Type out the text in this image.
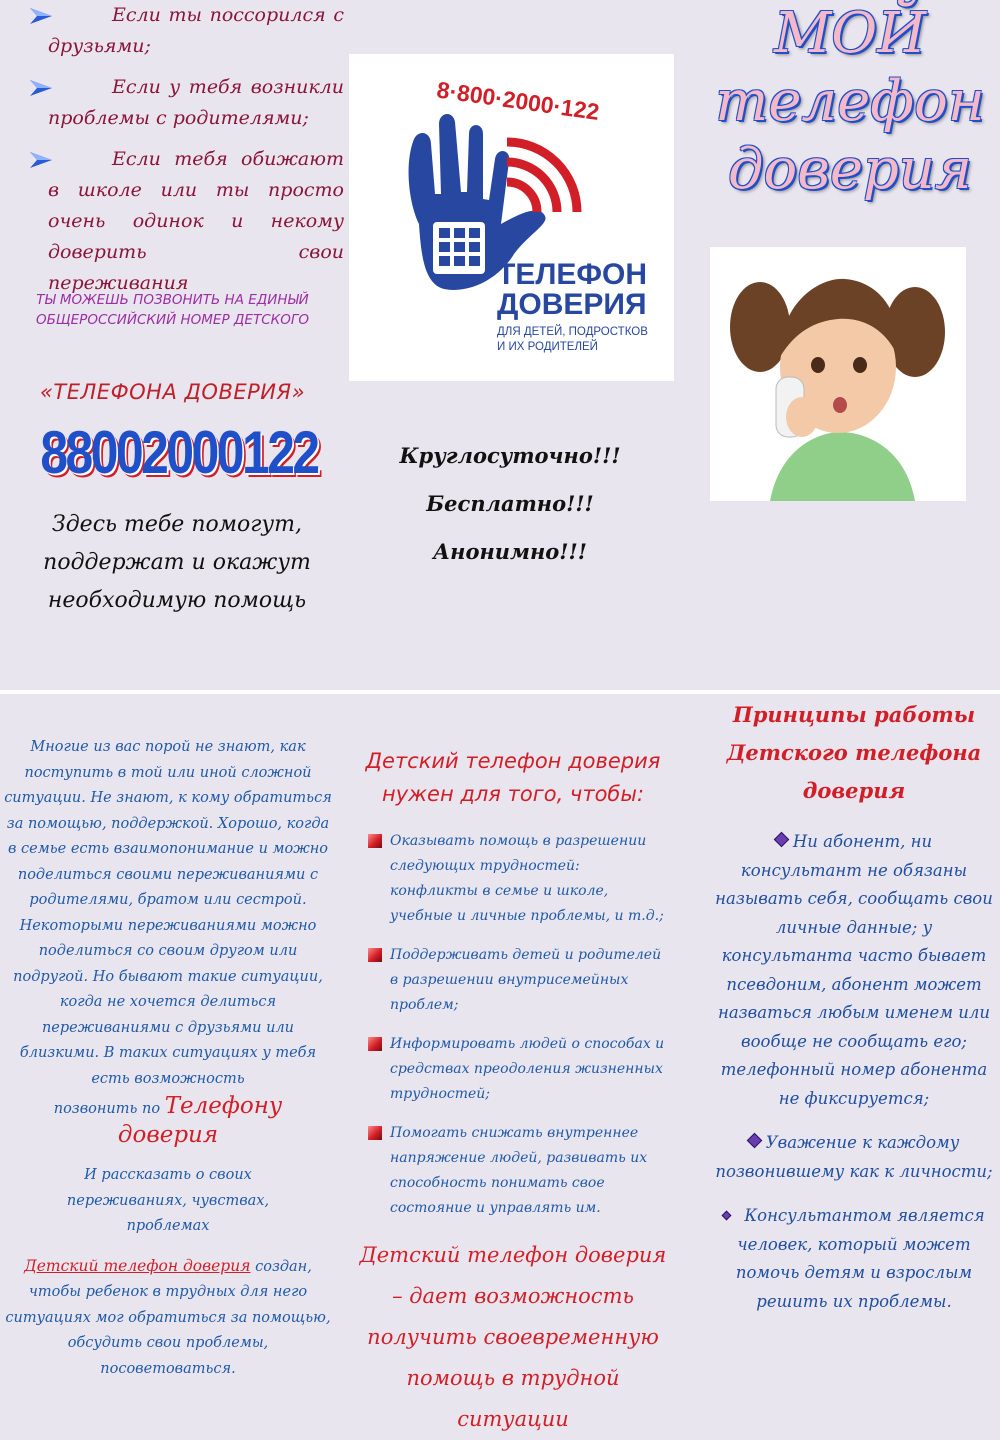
Если ты поссорился с друзьями;

Если у тебя возникли проблемы с родителями;

Если тебя обижают в школе или ты просто очень одинок и некому доверить свои переживания

ТЫ МОЖЕШЬ ПОЗВОНИТЬ НА ЕДИНЫЙ ОБЩЕРОССИЙСКИЙ НОМЕР ДЕТСКОГО

«ТЕЛЕФОНА ДОВЕРИЯ»

88002000122

Здесь тебе помогут, поддержат и окажут необходимую помощь

8·800·2000·122
ТЕЛЕФОН
ДОВЕРИЯ
ДЛЯ ДЕТЕЙ, ПОДРОСТКОВ
И ИХ РОДИТЕЛЕЙ

Круглосуточно!!!

Бесплатно!!!

Анонимно!!!

МОЙ
телефон
доверия

Многие из вас порой не знают, как поступить в той или иной сложной ситуации. Не знают, к кому обратиться за помощью, поддержкой. Хорошо, когда в семье есть взаимопонимание и можно поделиться своими переживаниями с родителями, братом или сестрой. Некоторыми переживаниями можно поделиться со своим другом или подругой. Но бывают такие ситуации, когда не хочется делиться переживаниями с друзьями или близкими. В таких ситуациях у тебя есть возможность

позвонить по Телефону доверия

И рассказать о своих переживаниях, чувствах, проблемах

Детский телефон доверия создан, чтобы ребенок в трудных для него ситуациях мог обратиться за помощью, обсудить свои проблемы, посоветоваться.

Детский телефон доверия нужен для того, чтобы:

Оказывать помощь в разрешении следующих трудностей: конфликты в семье и школе, учебные и личные проблемы, и т.д.;

Поддерживать детей и родителей в разрешении внутрисемейных проблем;

Информировать людей о способах и средствах преодоления жизненных трудностей;

Помогать снижать внутреннее напряжение людей, развивать их способность понимать свое состояние и управлять им.

Детский телефон доверия – дает возможность получить своевременную помощь в трудной ситуации

Принципы работы Детского телефона доверия

Ни абонент, ни консультант не обязаны называть себя, сообщать свои личные данные; у консультанта часто бывает псевдоним, абонент может назваться любым именем или вообще не сообщать его; телефонный номер абонента не фиксируется;

Уважение к каждому позвонившему как к личности;

Консультантом является человек, который может помочь детям и взрослым решить их проблемы.
